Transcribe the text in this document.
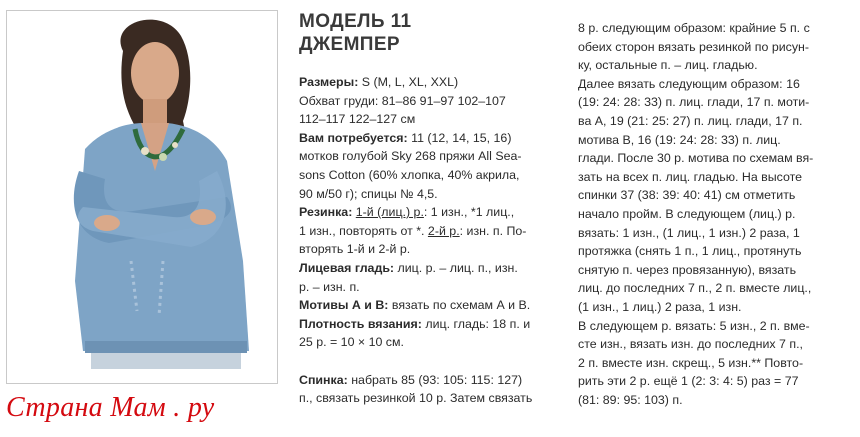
Страна Мам . ру
МОДЕЛЬ 11
ДЖЕМПЕР
Размеры: S (M, L, XL, XXL)
Обхват груди: 81–86 91–97 102–107
112–117 122–127 см
Вам потребуется: 11 (12, 14, 15, 16)
мотков голубой Sky 268 пряжи All Sea-
sons Cotton (60% хлопка, 40% акрила,
90 м/50 г); спицы № 4,5.
Резинка: 1-й (лиц.) р.: 1 изн., *1 лиц.,
1 изн., повторять от *. 2-й р.: изн. п. По-
вторять 1-й и 2-й р.
Лицевая гладь: лиц. р. – лиц. п., изн.
р. – изн. п.
Мотивы А и В: вязать по схемам А и В.
Плотность вязания: лиц. гладь: 18 п. и
25 р. = 10 × 10 см.
Спинка: набрать 85 (93: 105: 115: 127)
п., связать резинкой 10 р. Затем связать
8 р. следующим образом: крайние 5 п. с
обеих сторон вязать резинкой по рисун-
ку, остальные п. – лиц. гладью.
Далее вязать следующим образом: 16
(19: 24: 28: 33) п. лиц. глади, 17 п. моти-
ва А, 19 (21: 25: 27) п. лиц. глади, 17 п.
мотива В, 16 (19: 24: 28: 33) п. лиц.
глади. После 30 р. мотива по схемам вя-
зать на всех п. лиц. гладью. На высоте
спинки 37 (38: 39: 40: 41) см отметить
начало пройм. В следующем (лиц.) р.
вязать: 1 изн., (1 лиц., 1 изн.) 2 раза, 1
протяжка (снять 1 п., 1 лиц., протянуть
снятую п. через провязанную), вязать
лиц. до последних 7 п., 2 п. вместе лиц.,
(1 изн., 1 лиц.) 2 раза, 1 изн.
В следующем р. вязать: 5 изн., 2 п. вме-
сте изн., вязать изн. до последних 7 п.,
2 п. вместе изн. скрещ., 5 изн.** Повто-
рить эти 2 р. ещё 1 (2: 3: 4: 5) раз = 77
(81: 89: 95: 103) п.
